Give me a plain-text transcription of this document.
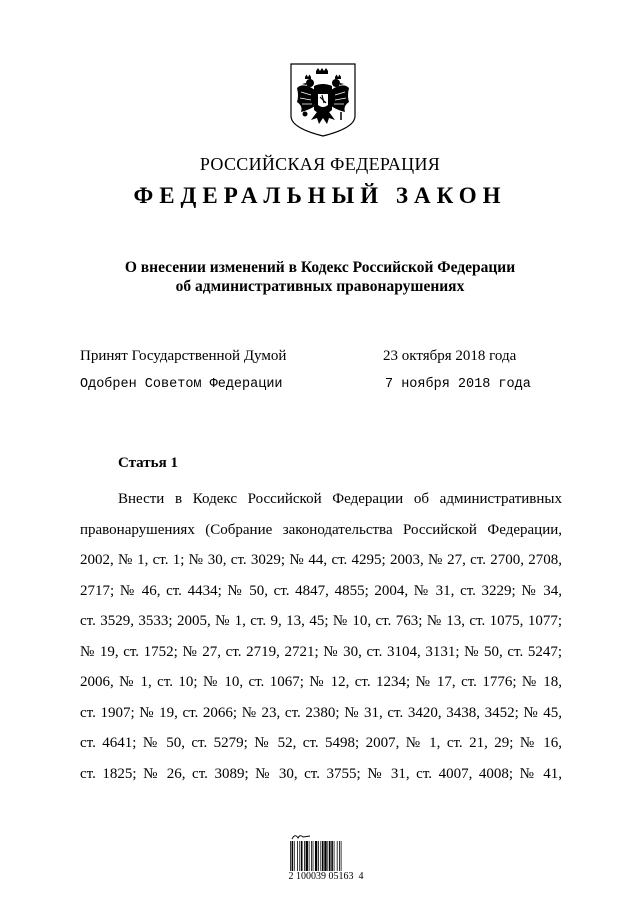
РОССИЙСКАЯ ФЕДЕРАЦИЯ
ФЕДЕРАЛЬНЫЙ ЗАКОН
О внесении изменений в Кодекс Российской Федерации
об административных правонарушениях
Принят Государственной Думой	23 октября 2018 года
Одобрен Советом Федерации	7 ноября 2018 года
Статья 1
Внести в Кодекс Российской Федерации об административных
правонарушениях (Собрание законодательства Российской Федерации,
2002, № 1, ст. 1; № 30, ст. 3029; № 44, ст. 4295; 2003, № 27, ст. 2700, 2708,
2717; № 46, ст. 4434; № 50, ст. 4847, 4855; 2004, № 31, ст. 3229; № 34,
ст. 3529, 3533; 2005, № 1, ст. 9, 13, 45; № 10, ст. 763; № 13, ст. 1075, 1077;
№ 19, ст. 1752; № 27, ст. 2719, 2721; № 30, ст. 3104, 3131; № 50, ст. 5247;
2006, № 1, ст. 10; № 10, ст. 1067; № 12, ст. 1234; № 17, ст. 1776; № 18,
ст. 1907; № 19, ст. 2066; № 23, ст. 2380; № 31, ст. 3420, 3438, 3452; № 45,
ст. 4641; № 50, ст. 5279; № 52, ст. 5498; 2007, № 1, ст. 21, 29; № 16,
ст. 1825; № 26, ст. 3089; № 30, ст. 3755; № 31, ст. 4007, 4008; № 41,
2 100039 05163  4
